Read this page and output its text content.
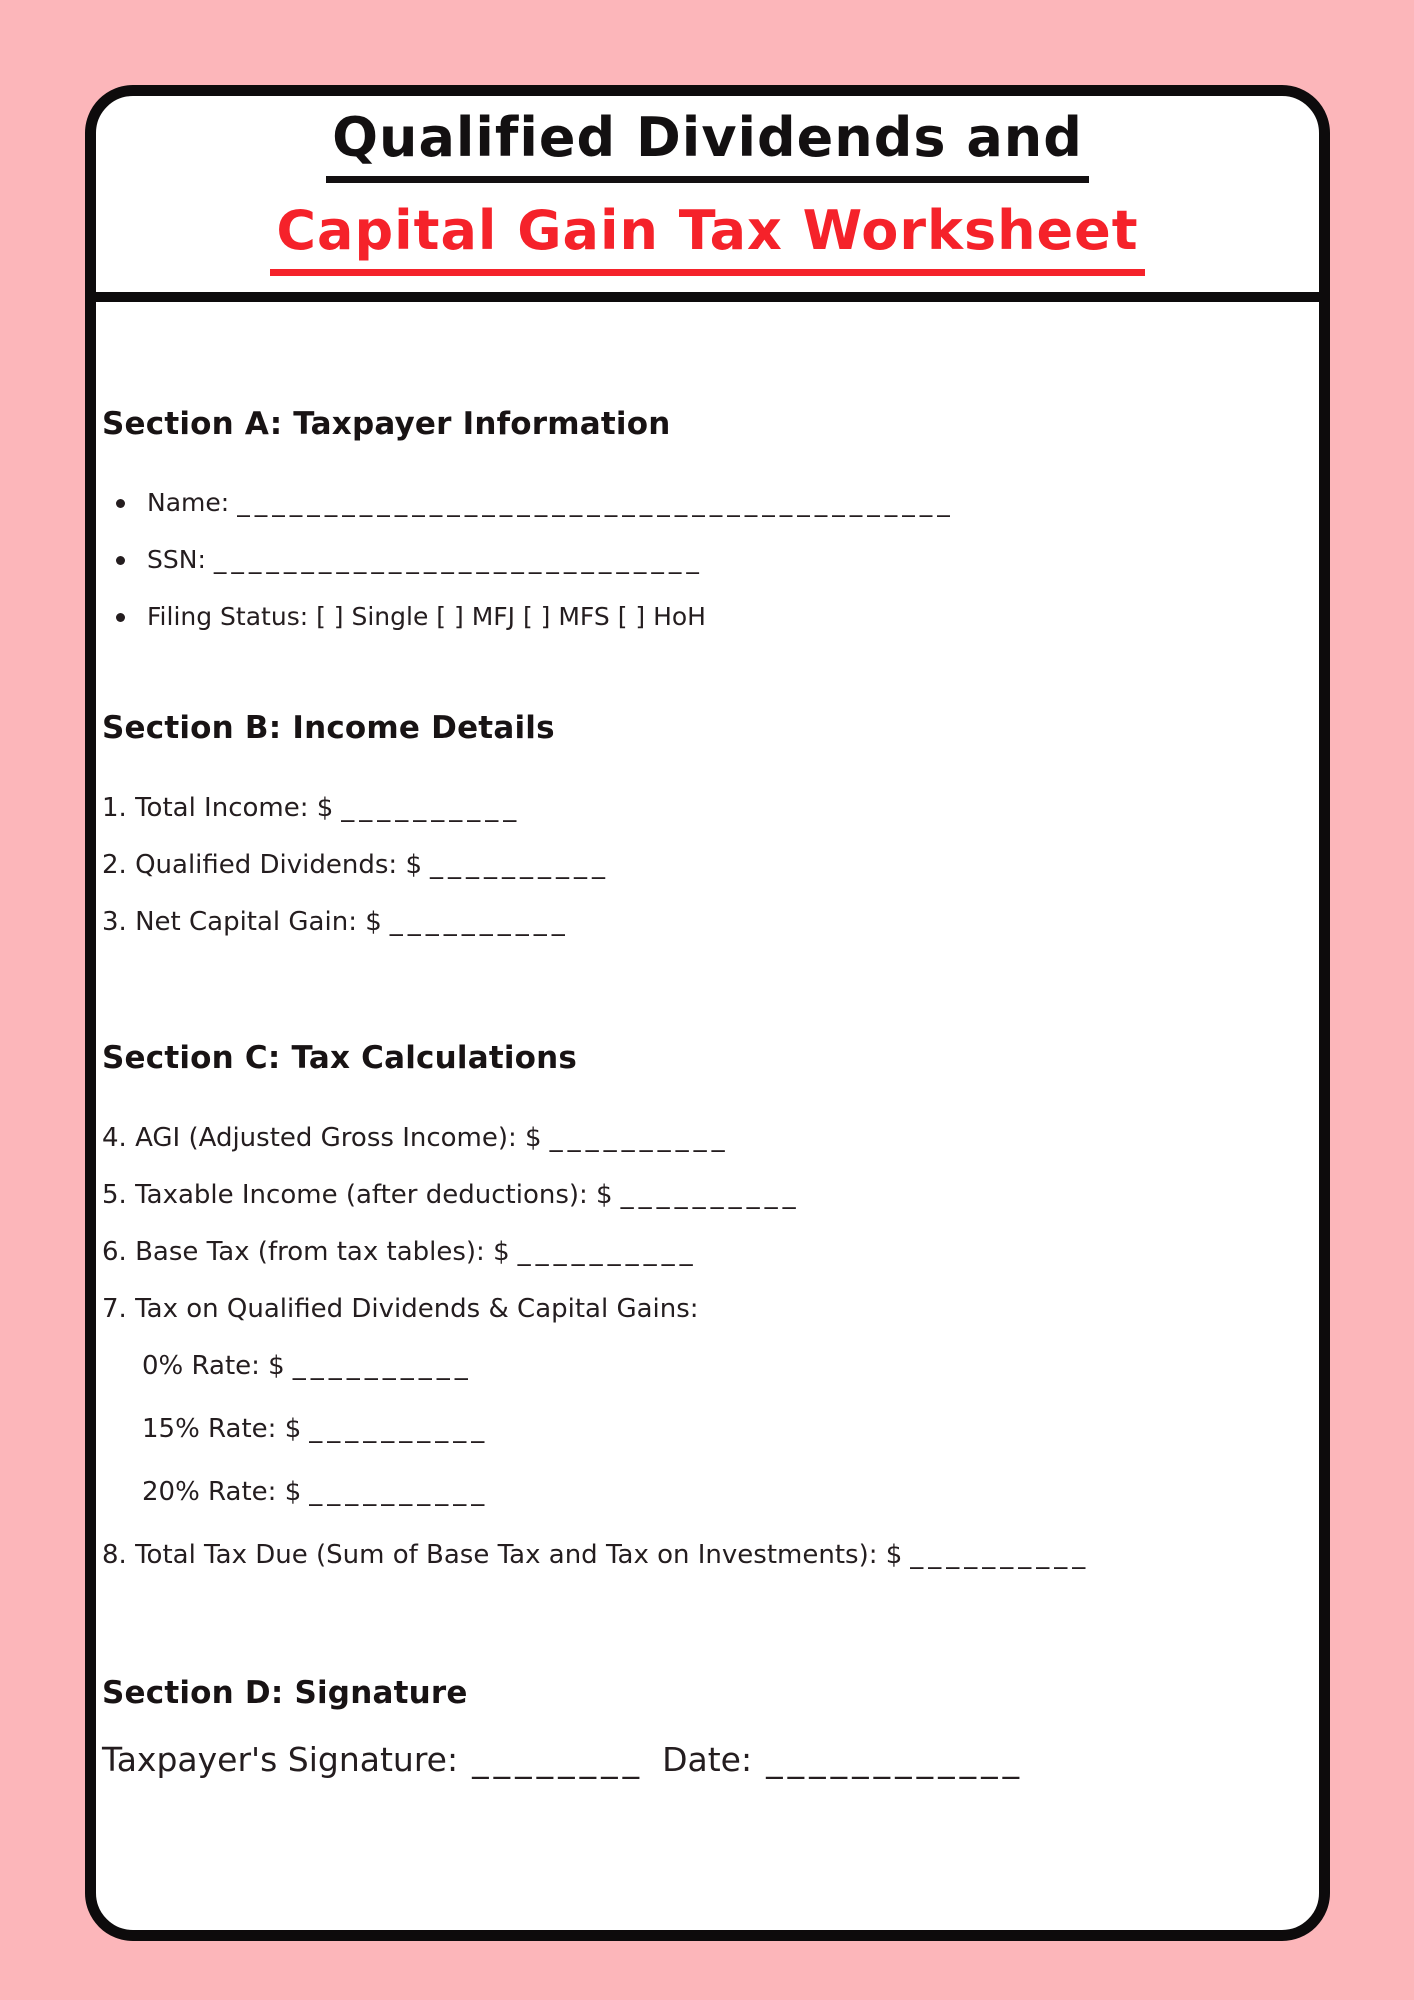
Qualified Dividends and
Capital Gain Tax Worksheet
Section A: Taxpayer Information
Name: _________________________________________
SSN: ____________________________
Filing Status: [ ] Single [ ] MFJ [ ] MFS [ ] HoH
Section B: Income Details
1. Total Income: $ __________
2. Qualified Dividends: $ __________
3. Net Capital Gain: $ __________
Section C: Tax Calculations
4. AGI (Adjusted Gross Income): $ __________
5. Taxable Income (after deductions): $ __________
6. Base Tax (from tax tables): $ __________
7. Tax on Qualified Dividends & Capital Gains:
0% Rate: $ __________
15% Rate: $ __________
20% Rate: $ __________
8. Total Tax Due (Sum of Base Tax and Tax on Investments): $ __________
Section D: Signature
Taxpayer's Signature: ________ Date: ____________
